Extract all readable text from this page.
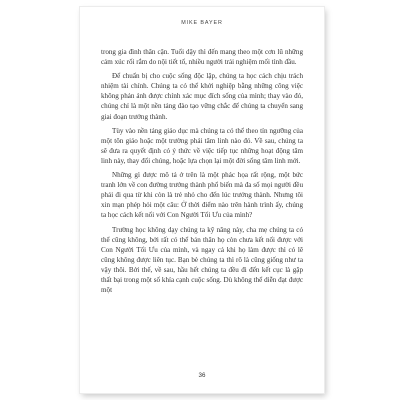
MIKE BAYER

trong gia đình thân cận. Tuổi dậy thì đến mang theo một cơn lũ những cảm xúc rối rắm do nội tiết tố, nhiều người trải nghiệm mối tình đầu.

Để chuẩn bị cho cuộc sống độc lập, chúng ta học cách chịu trách nhiệm tài chính. Chúng ta có thể khởi nghiệp bằng những công việc không phản ánh được chính xác mục đích sống của mình; thay vào đó, chúng chỉ là một nền tảng đào tạo vững chắc để chúng ta chuyển sang giai đoạn trưởng thành.

Tùy vào nền tảng giáo dục mà chúng ta có thể theo tín ngưỡng của một tôn giáo hoặc một trường phái tâm linh nào đó. Về sau, chúng ta sẽ đưa ra quyết định có ý thức về việc tiếp tục những hoạt động tâm linh này, thay đổi chúng, hoặc lựa chọn lại một đời sống tâm linh mới.

Những gì được mô tả ở trên là một phác họa rất rộng, một bức tranh lớn về con đường trưởng thành phổ biến mà đa số mọi người đều phải đi qua từ khi còn là trẻ nhỏ cho đến lúc trưởng thành. Nhưng tôi xin mạn phép hỏi một câu: Ở thời điểm nào trên hành trình ấy, chúng ta học cách kết nối với Con Người Tối Ưu của mình?

Trường học không dạy chúng ta kỹ năng này, cha mẹ chúng ta có thể cũng không, bởi rất có thể bản thân họ còn chưa kết nối được với Con Người Tối Ưu của mình, và ngay cả khi họ làm được thì có lẽ cũng không được liên tục. Bạn bè chúng ta thì rõ là cũng giống như ta vậy thôi. Bởi thế, về sau, hầu hết chúng ta đều đi đến kết cục là gặp thất bại trong một số khía cạnh cuộc sống. Dù không thể diễn đạt được một

36
